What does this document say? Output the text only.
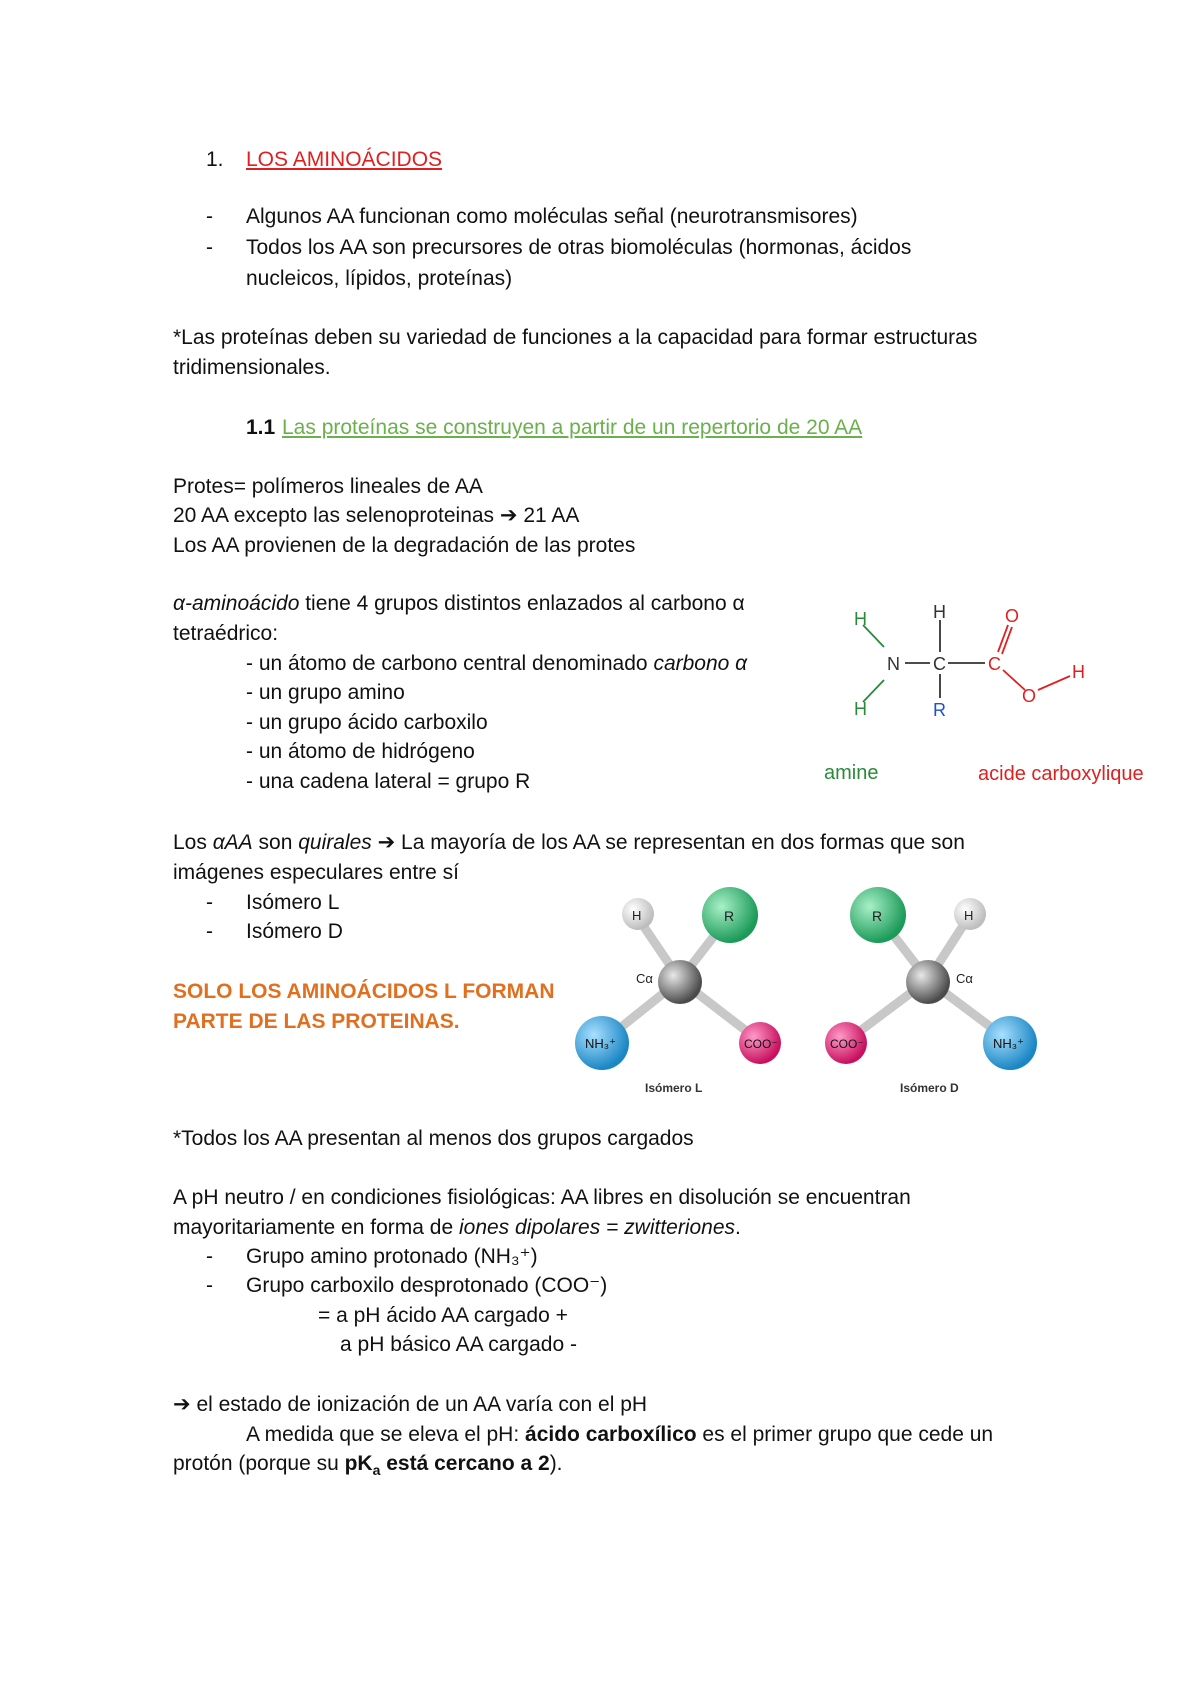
1. LOS AMINOÁCIDOS
- Algunos AA funcionan como moléculas señal (neurotransmisores)
- Todos los AA son precursores de otras biomoléculas (hormonas, ácidos
nucleicos, lípidos, proteínas)
*Las proteínas deben su variedad de funciones a la capacidad para formar estructuras
tridimensionales.
1.1 Las proteínas se construyen a partir de un repertorio de 20 AA
Protes= polímeros lineales de AA
20 AA excepto las selenoproteinas ➔ 21 AA
Los AA provienen de la degradación de las protes
α-aminoácido tiene 4 grupos distintos enlazados al carbono α
tetraédrico:
- un átomo de carbono central denominado carbono α
- un grupo amino
- un grupo ácido carboxilo
- un átomo de hidrógeno
- una cadena lateral = grupo R
H
H
N
H
C
R
C
O
O
H
amine	acide carboxylique
Los αAA son quirales ➔ La mayoría de los AA se representan en dos formas que son
imágenes especulares entre sí
- Isómero L
- Isómero D
SOLO LOS AMINOÁCIDOS L FORMAN
PARTE DE LAS PROTEINAS.
H	R
Cα
NH₃⁺	COO⁻
Isómero L
R	H
Cα
COO⁻	NH₃⁺
Isómero D
*Todos los AA presentan al menos dos grupos cargados
A pH neutro / en condiciones fisiológicas: AA libres en disolución se encuentran
mayoritariamente en forma de iones dipolares = zwitteriones.
- Grupo amino protonado (NH₃⁺)
- Grupo carboxilo desprotonado (COO⁻)
= a pH ácido AA cargado +
a pH básico AA cargado -
➔ el estado de ionización de un AA varía con el pH
A medida que se eleva el pH: ácido carboxílico es el primer grupo que cede un
protón (porque su $pK_a$ está cercano a 2).
